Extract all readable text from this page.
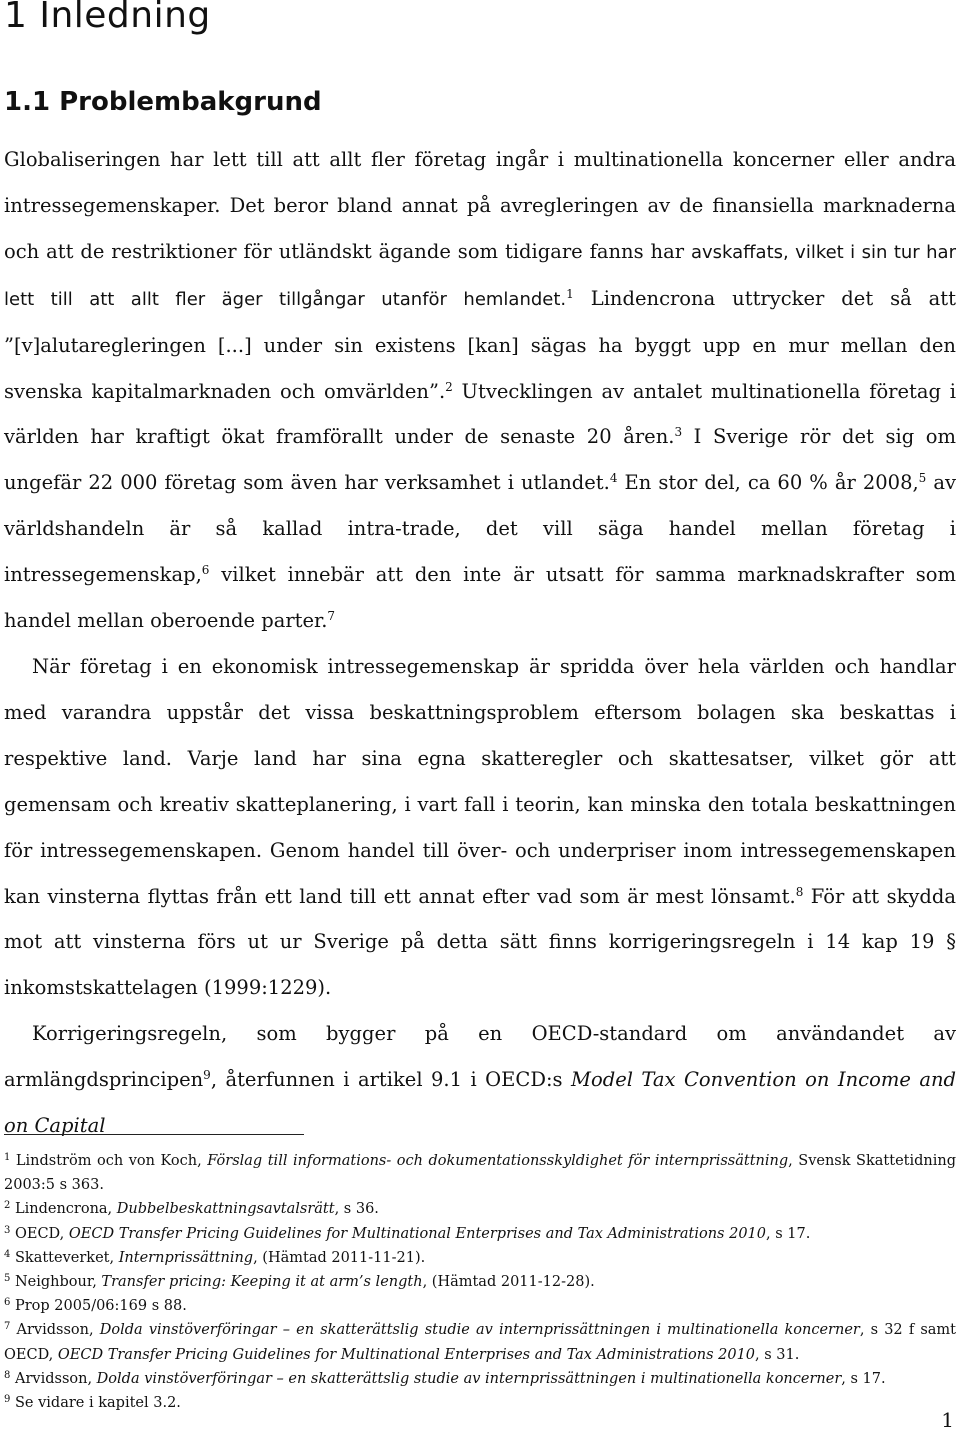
1 Inledning
1.1 Problembakgrund

Globaliseringen har lett till att allt fler företag ingår i multinationella koncerner eller andra intressegemenskaper. Det beror bland annat på avregleringen av de finansiella marknaderna och att de restriktioner för utländskt ägande som tidigare fanns har avskaffats, vilket i sin tur har lett till att allt fler äger tillgångar utanför hemlandet.$^1$ Lindencrona uttrycker det så att ”[v]alutaregleringen [...] under sin existens [kan] sägas ha byggt upp en mur mellan den svenska kapitalmarknaden och omvärlden”.$^2$ Utvecklingen av antalet multinationella företag i världen har kraftigt ökat framförallt under de senaste 20 åren.$^3$ I Sverige rör det sig om ungefär 22 000 företag som även har verksamhet i utlandet.$^4$ En stor del, ca 60 % år 2008,$^5$ av världshandeln är så kallad intra-trade, det vill säga handel mellan företag i intressegemenskap,$^6$ vilket innebär att den inte är utsatt för samma marknadskrafter som handel mellan oberoende parter.$^7$

När företag i en ekonomisk intressegemenskap är spridda över hela världen och handlar med varandra uppstår det vissa beskattningsproblem eftersom bolagen ska beskattas i respektive land. Varje land har sina egna skatteregler och skattesatser, vilket gör att gemensam och kreativ skatteplanering, i vart fall i teorin, kan minska den totala beskattningen för intressegemenskapen. Genom handel till över- och underpriser inom intressegemenskapen kan vinsterna flyttas från ett land till ett annat efter vad som är mest lönsamt.$^8$ För att skydda mot att vinsterna förs ut ur Sverige på detta sätt finns korrigeringsregeln i 14 kap 19 § inkomstskattelagen (1999:1229).

Korrigeringsregeln, som bygger på en OECD-standard om användandet av armlängdsprincipen$^9$, återfunnen i artikel 9.1 i OECD:s Model Tax Convention on Income and on Capital

$^1$ Lindström och von Koch, Förslag till informations- och dokumentationsskyldighet för internprissättning, Svensk Skattetidning 2003:5 s 363.

$^2$ Lindencrona, Dubbelbeskattningsavtalsrätt, s 36.

$^3$ OECD, OECD Transfer Pricing Guidelines for Multinational Enterprises and Tax Administrations 2010, s 17.

$^4$ Skatteverket, Internprissättning, (Hämtad 2011-11-21).

$^5$ Neighbour, Transfer pricing: Keeping it at arm’s length, (Hämtad 2011-12-28).

$^6$ Prop 2005/06:169 s 88.

$^7$ Arvidsson, Dolda vinstöverföringar – en skatterättslig studie av internprissättningen i multinationella koncerner, s 32 f samt OECD, OECD Transfer Pricing Guidelines for Multinational Enterprises and Tax Administrations 2010, s 31.

$^8$ Arvidsson, Dolda vinstöverföringar – en skatterättslig studie av internprissättningen i multinationella koncerner, s 17.

$^9$ Se vidare i kapitel 3.2.

1
